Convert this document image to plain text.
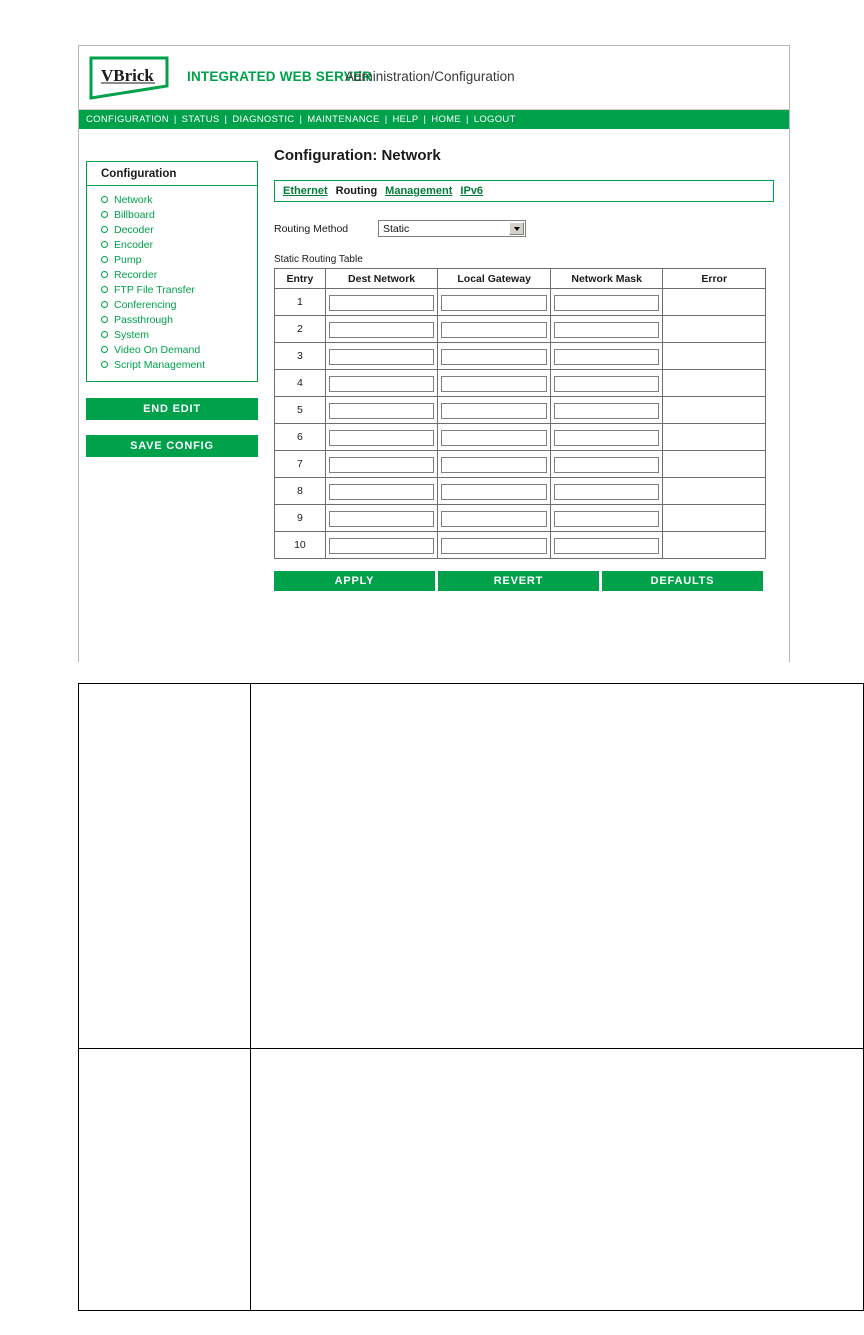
VBrick INTEGRATED WEB SERVER
Administration/Configuration
CONFIGURATION | STATUS | DIAGNOSTIC | MAINTENANCE | HELP | HOME | LOGOUT
Configuration
Network
Billboard
Decoder
Encoder
Pump
Recorder
FTP File Transfer
Conferencing
Passthrough
System
Video On Demand
Script Management
END EDIT
SAVE CONFIG
Configuration: Network
Ethernet Routing Management IPv6
Routing Method	Static
Static Routing Table
Entry	Dest Network	Local Gateway	Network Mask	Error
1				
2				
3				
4				
5				
6				
7				
8				
9				
10				
APPLY	REVERT	DEFAULTS
